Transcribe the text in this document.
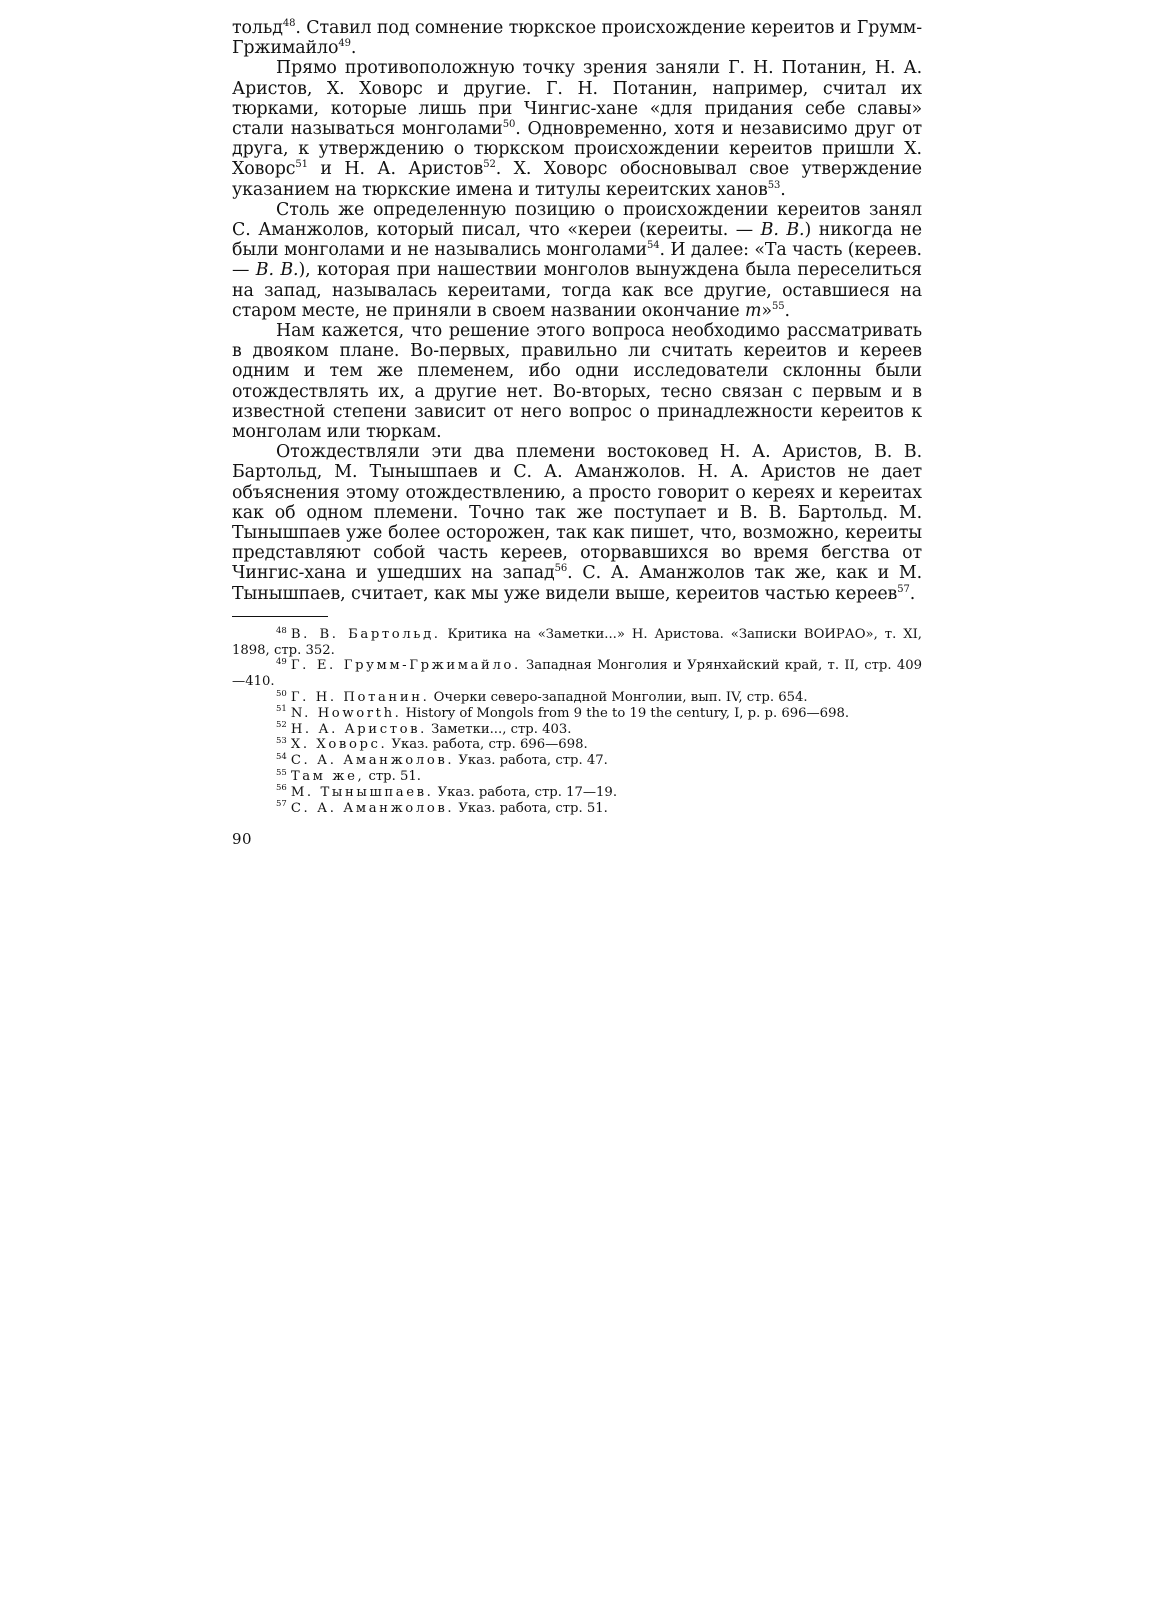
тольд$^{48}$. Ставил под сомнение тюркское происхождение кереитов и Грумм-Гржимайло$^{49}$.

Прямо противоположную точку зрения заняли Г. Н. Потанин, Н. А. Аристов, X. Ховорс и другие. Г. Н. Потанин, например, считал их тюрками, которые лишь при Чингис-хане «для придания себе славы» стали называться монголами$^{50}$. Одновременно, хотя и независимо друг от друга, к утверждению о тюркском происхождении кереитов пришли X. Ховорс$^{51}$ и Н. А. Аристов$^{52}$. X. Ховорс обосновывал свое утверждение указанием на тюркские имена и титулы кереитских ханов$^{53}$.

Столь же определенную позицию о происхождении кереитов занял С. Аманжолов, который писал, что «кереи (кереиты. — В. В.) никогда не были монголами и не назывались монголами$^{54}$. И далее: «Та часть (кереев. — В. В.), которая при нашествии монголов вынуждена была переселиться на запад, называлась кереитами, тогда как все другие, оставшиеся на старом месте, не приняли в своем названии окончание т»$^{55}$.

Нам кажется, что решение этого вопроса необходимо рассматривать в двояком плане. Во-первых, правильно ли считать кереитов и кереев одним и тем же племенем, ибо одни исследователи склонны были отождествлять их, а другие нет. Во-вторых, тесно связан с первым и в известной степени зависит от него вопрос о принадлежности кереитов к монголам или тюркам.

Отождествляли эти два племени востоковед Н. А. Аристов, В. В. Бартольд, М. Тынышпаев и С. А. Аманжолов. Н. А. Аристов не дает объяснения этому отождествлению, а просто говорит о кереях и кереитах как об одном племени. Точно так же поступает и В. В. Бартольд. М. Тынышпаев уже более осторожен, так как пишет, что, возможно, кереиты представляют собой часть кереев, оторвавшихся во время бегства от Чингис-хана и ушедших на запад$^{56}$. С. А. Аманжолов так же, как и М. Тынышпаев, считает, как мы уже видели выше, кереитов частью кереев$^{57}$.

$^{48}$ В. В. Бартольд. Критика на «Заметки...» Н. Аристова. «Записки ВОИРАО», т. XI, 1898, стр. 352.

$^{49}$ Г. Е. Грумм-Гржимайло. Западная Монголия и Урянхайский край, т. II, стр. 409—410.

$^{50}$ Г. Н. Потанин. Очерки северо-западной Монголии, вып. IV, стр. 654.

$^{51}$ N. Howorth. History of Mongols from 9 the to 19 the century, I, p. p. 696—698.

$^{52}$ Н. А. Аристов. Заметки..., стр. 403.

$^{53}$ X. Ховорс. Указ. работа, стр. 696—698.

$^{54}$ С. А. Аманжолов. Указ. работа, стр. 47.

$^{55}$ Там же, стр. 51.

$^{56}$ М. Тынышпаев. Указ. работа, стр. 17—19.

$^{57}$ С. А. Аманжолов. Указ. работа, стр. 51.

90
